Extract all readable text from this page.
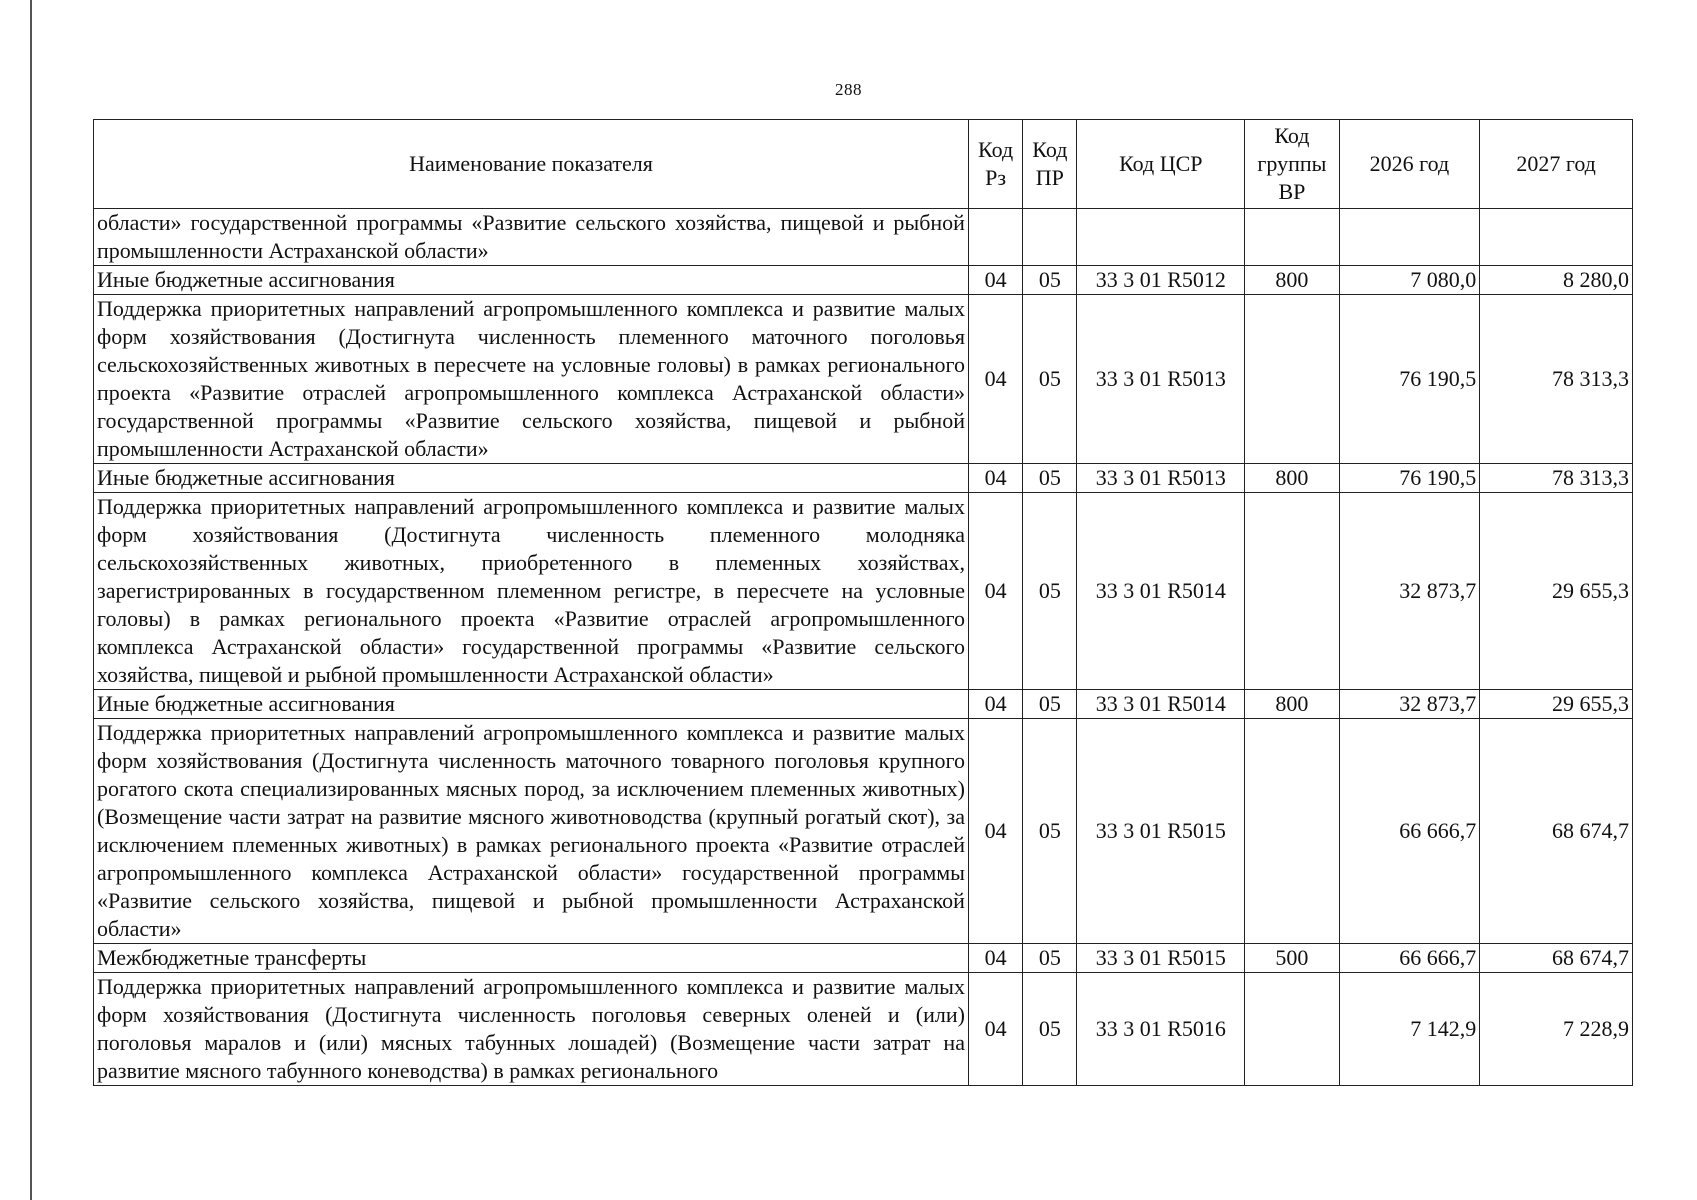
288
Наименование показателя	Код Рз	Код ПР	Код ЦСР	Код группы ВР	2026 год	2027 год
области» государственной программы «Развитие сельского хозяйства, пищевой и рыбной промышленности Астраханской области»						
Иные бюджетные ассигнования	04	05	33 3 01 R5012	800	7 080,0	8 280,0
Поддержка приоритетных направлений агропромышленного комплекса и развитие малых форм хозяйствования (Достигнута численность племенного маточного поголовья сельскохозяйственных животных в пересчете на условные головы) в рамках регионального проекта «Развитие отраслей агропромышленного комплекса Астраханской области» государственной программы «Развитие сельского хозяйства, пищевой и рыбной промышленности Астраханской области»	04	05	33 3 01 R5013		76 190,5	78 313,3
Иные бюджетные ассигнования	04	05	33 3 01 R5013	800	76 190,5	78 313,3
Поддержка приоритетных направлений агропромышленного комплекса и развитие малых форм хозяйствования (Достигнута численность племенного молодняка сельскохозяйственных животных, приобретенного в племенных хозяйствах, зарегистрированных в государственном племенном регистре, в пересчете на условные головы) в рамках регионального проекта «Развитие отраслей агропромышленного комплекса Астраханской области» государственной программы «Развитие сельского хозяйства, пищевой и рыбной промышленности Астраханской области»	04	05	33 3 01 R5014		32 873,7	29 655,3
Иные бюджетные ассигнования	04	05	33 3 01 R5014	800	32 873,7	29 655,3
Поддержка приоритетных направлений агропромышленного комплекса и развитие малых форм хозяйствования (Достигнута численность маточного товарного поголовья крупного рогатого скота специализированных мясных пород, за исключением племенных животных) (Возмещение части затрат на развитие мясного животноводства (крупный рогатый скот), за исключением племенных животных) в рамках регионального проекта «Развитие отраслей агропромышленного комплекса Астраханской области» государственной программы «Развитие сельского хозяйства, пищевой и рыбной промышленности Астраханской области»	04	05	33 3 01 R5015		66 666,7	68 674,7
Межбюджетные трансферты	04	05	33 3 01 R5015	500	66 666,7	68 674,7
Поддержка приоритетных направлений агропромышленного комплекса и развитие малых форм хозяйствования (Достигнута численность поголовья северных оленей и (или) поголовья маралов и (или) мясных табунных лошадей) (Возмещение части затрат на развитие мясного табунного коневодства) в рамках регионального	04	05	33 3 01 R5016		7 142,9	7 228,9
